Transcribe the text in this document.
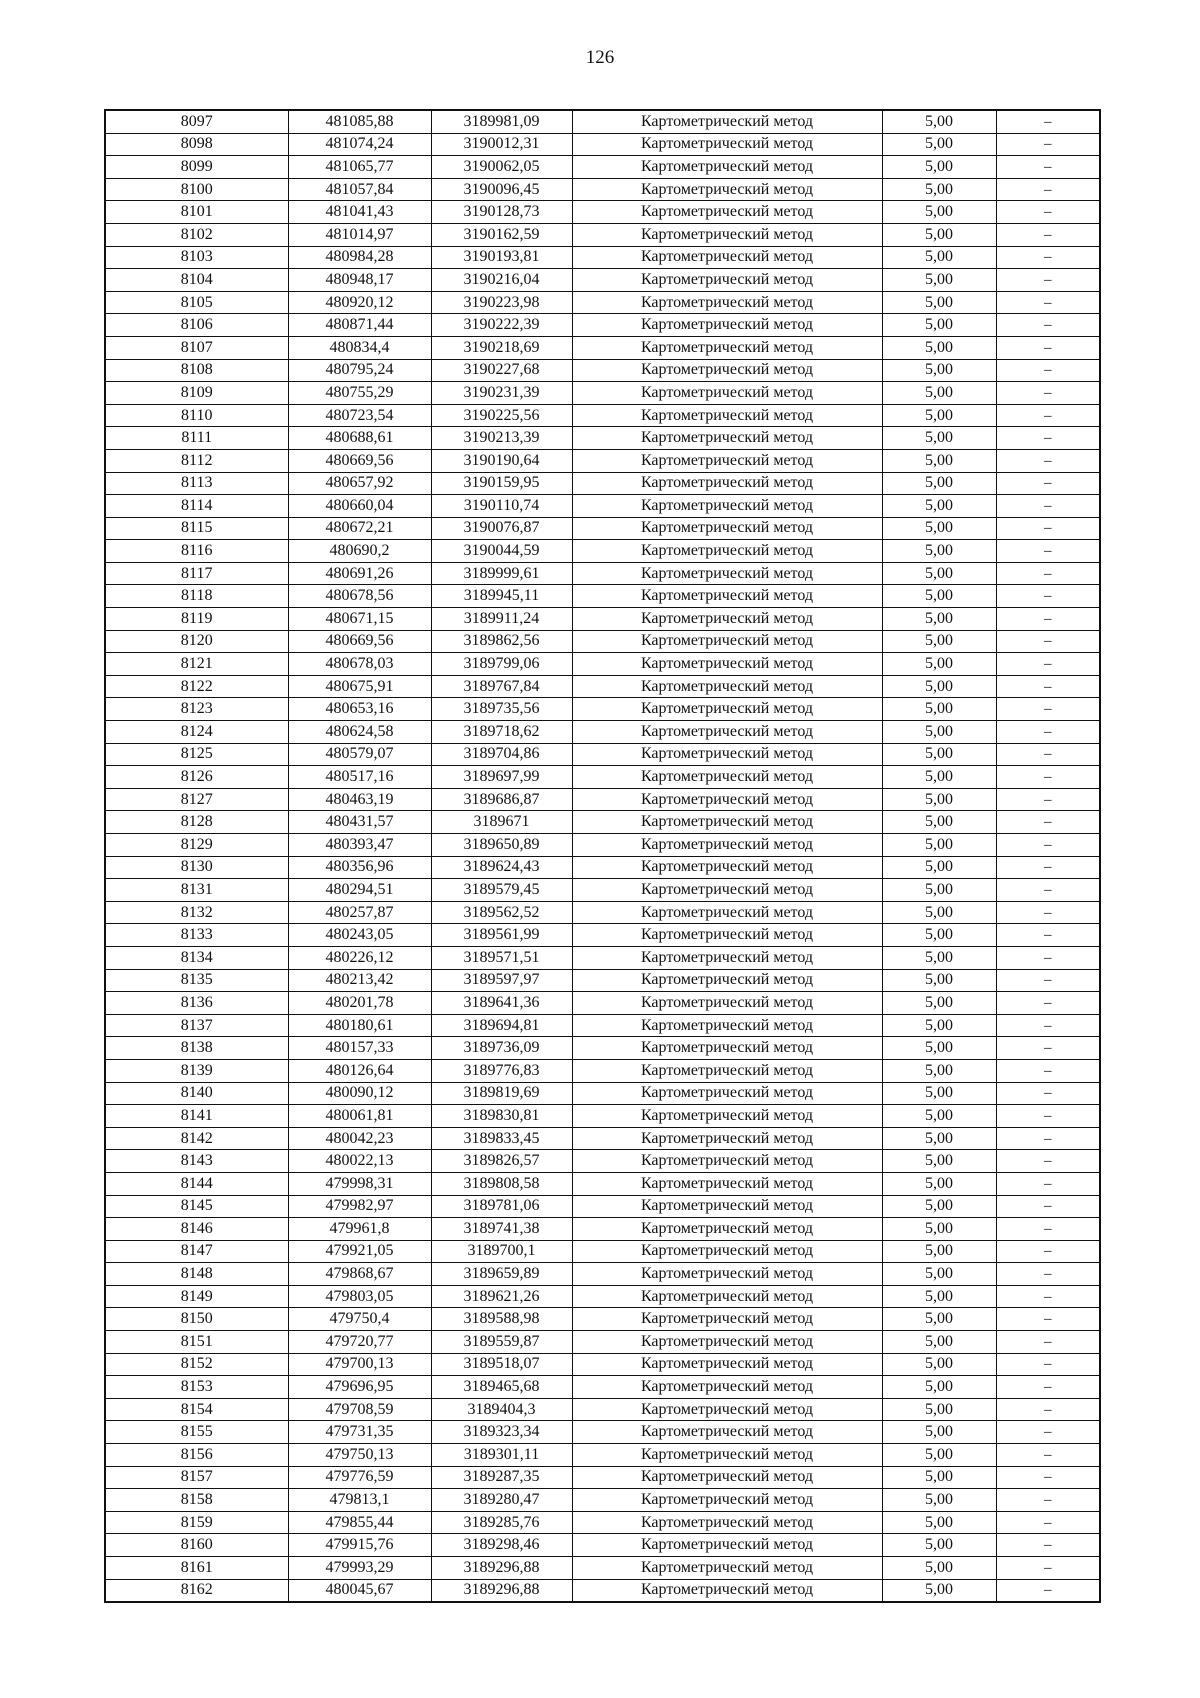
126
8097	481085,88	3189981,09	Картометрический метод	5,00	–
8098	481074,24	3190012,31	Картометрический метод	5,00	–
8099	481065,77	3190062,05	Картометрический метод	5,00	–
8100	481057,84	3190096,45	Картометрический метод	5,00	–
8101	481041,43	3190128,73	Картометрический метод	5,00	–
8102	481014,97	3190162,59	Картометрический метод	5,00	–
8103	480984,28	3190193,81	Картометрический метод	5,00	–
8104	480948,17	3190216,04	Картометрический метод	5,00	–
8105	480920,12	3190223,98	Картометрический метод	5,00	–
8106	480871,44	3190222,39	Картометрический метод	5,00	–
8107	480834,4	3190218,69	Картометрический метод	5,00	–
8108	480795,24	3190227,68	Картометрический метод	5,00	–
8109	480755,29	3190231,39	Картометрический метод	5,00	–
8110	480723,54	3190225,56	Картометрический метод	5,00	–
8111	480688,61	3190213,39	Картометрический метод	5,00	–
8112	480669,56	3190190,64	Картометрический метод	5,00	–
8113	480657,92	3190159,95	Картометрический метод	5,00	–
8114	480660,04	3190110,74	Картометрический метод	5,00	–
8115	480672,21	3190076,87	Картометрический метод	5,00	–
8116	480690,2	3190044,59	Картометрический метод	5,00	–
8117	480691,26	3189999,61	Картометрический метод	5,00	–
8118	480678,56	3189945,11	Картометрический метод	5,00	–
8119	480671,15	3189911,24	Картометрический метод	5,00	–
8120	480669,56	3189862,56	Картометрический метод	5,00	–
8121	480678,03	3189799,06	Картометрический метод	5,00	–
8122	480675,91	3189767,84	Картометрический метод	5,00	–
8123	480653,16	3189735,56	Картометрический метод	5,00	–
8124	480624,58	3189718,62	Картометрический метод	5,00	–
8125	480579,07	3189704,86	Картометрический метод	5,00	–
8126	480517,16	3189697,99	Картометрический метод	5,00	–
8127	480463,19	3189686,87	Картометрический метод	5,00	–
8128	480431,57	3189671	Картометрический метод	5,00	–
8129	480393,47	3189650,89	Картометрический метод	5,00	–
8130	480356,96	3189624,43	Картометрический метод	5,00	–
8131	480294,51	3189579,45	Картометрический метод	5,00	–
8132	480257,87	3189562,52	Картометрический метод	5,00	–
8133	480243,05	3189561,99	Картометрический метод	5,00	–
8134	480226,12	3189571,51	Картометрический метод	5,00	–
8135	480213,42	3189597,97	Картометрический метод	5,00	–
8136	480201,78	3189641,36	Картометрический метод	5,00	–
8137	480180,61	3189694,81	Картометрический метод	5,00	–
8138	480157,33	3189736,09	Картометрический метод	5,00	–
8139	480126,64	3189776,83	Картометрический метод	5,00	–
8140	480090,12	3189819,69	Картометрический метод	5,00	–
8141	480061,81	3189830,81	Картометрический метод	5,00	–
8142	480042,23	3189833,45	Картометрический метод	5,00	–
8143	480022,13	3189826,57	Картометрический метод	5,00	–
8144	479998,31	3189808,58	Картометрический метод	5,00	–
8145	479982,97	3189781,06	Картометрический метод	5,00	–
8146	479961,8	3189741,38	Картометрический метод	5,00	–
8147	479921,05	3189700,1	Картометрический метод	5,00	–
8148	479868,67	3189659,89	Картометрический метод	5,00	–
8149	479803,05	3189621,26	Картометрический метод	5,00	–
8150	479750,4	3189588,98	Картометрический метод	5,00	–
8151	479720,77	3189559,87	Картометрический метод	5,00	–
8152	479700,13	3189518,07	Картометрический метод	5,00	–
8153	479696,95	3189465,68	Картометрический метод	5,00	–
8154	479708,59	3189404,3	Картометрический метод	5,00	–
8155	479731,35	3189323,34	Картометрический метод	5,00	–
8156	479750,13	3189301,11	Картометрический метод	5,00	–
8157	479776,59	3189287,35	Картометрический метод	5,00	–
8158	479813,1	3189280,47	Картометрический метод	5,00	–
8159	479855,44	3189285,76	Картометрический метод	5,00	–
8160	479915,76	3189298,46	Картометрический метод	5,00	–
8161	479993,29	3189296,88	Картометрический метод	5,00	–
8162	480045,67	3189296,88	Картометрический метод	5,00	–
